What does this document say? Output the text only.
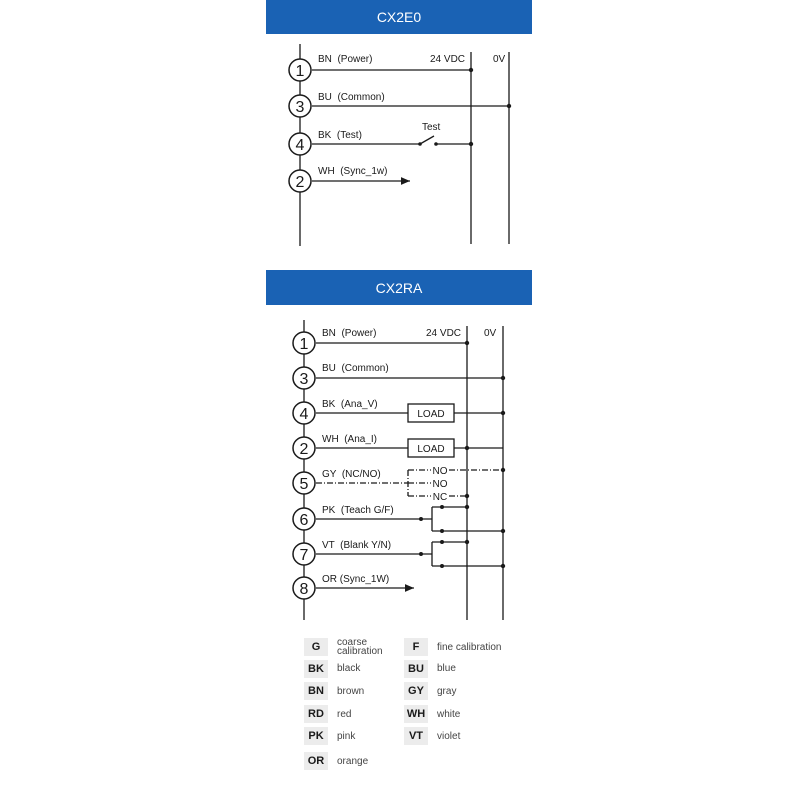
CX2E0
CX2RA
1
3
4
2
BN  (Power)
BU  (Common)
BK  (Test)
WH  (Sync_1w)
24 VDC	0V
Test
1
3
4
2
5
6
7
8
BN  (Power)
BU  (Common)
BK  (Ana_V)
WH  (Ana_I)
GY  (NC/NO)
PK  (Teach G/F)
VT  (Blank Y/N)
OR (Sync_1W)
24 VDC 0V
LOAD
LOAD
NO
NO
NC
G	coarse calibration	F	fine calibration
BK	black	BU	blue
BN	brown	GY	gray
RD	red	WH white
PK	pink	VT	violet
OR	orange
